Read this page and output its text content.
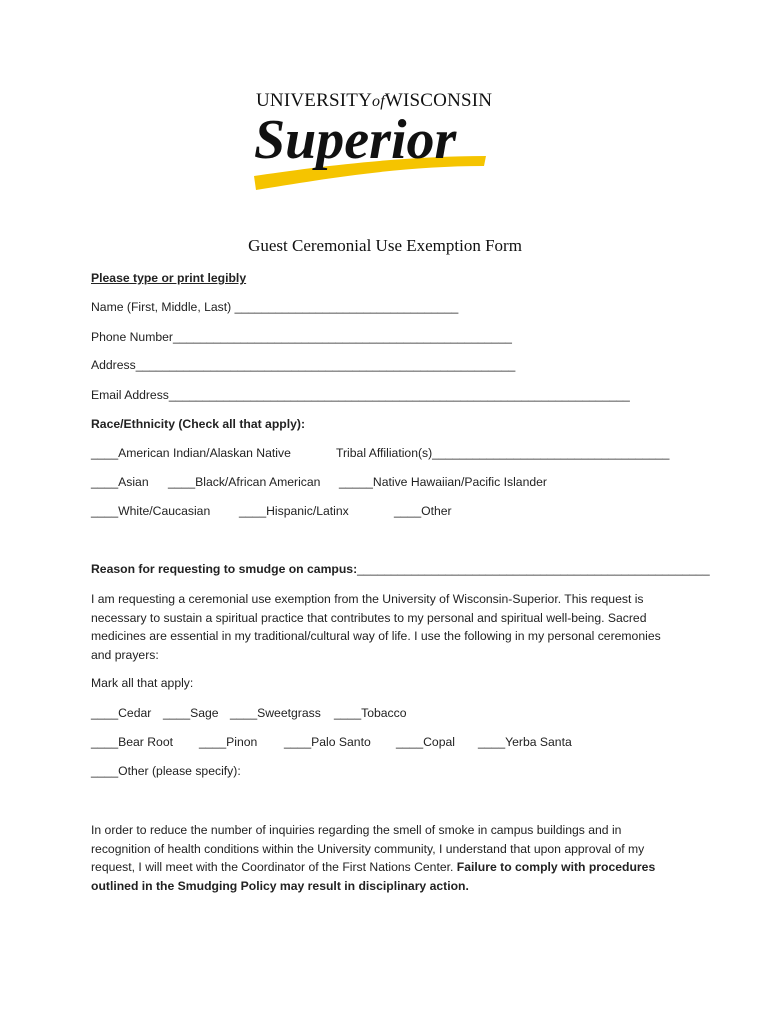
UNIVERSITYofWISCONSIN
Superior
Guest Ceremonial Use Exemption Form
Please type or print legibly
Name (First, Middle, Last) _________________________________
Phone Number__________________________________________________
Address________________________________________________________
Email Address____________________________________________________________________
Race/Ethnicity (Check all that apply):
____American Indian/Alaskan Native	Tribal Affiliation(s)___________________________________
____Asian ____Black/African American _____Native Hawaiian/Pacific Islander
____White/Caucasian ____Hispanic/Latinx	____Other
Reason for requesting to smudge on campus:____________________________________________________
I am requesting a ceremonial use exemption from the University of Wisconsin-Superior. This request is necessary to sustain a spiritual practice that contributes to my personal and spiritual well-being. Sacred medicines are essential in my traditional/cultural way of life. I use the following in my personal ceremonies and prayers:
Mark all that apply:
____Cedar ____Sage ____Sweetgrass ____Tobacco
____Bear Root ____Pinon ____Palo Santo ____Copal ____Yerba Santa
____Other (please specify):
In order to reduce the number of inquiries regarding the smell of smoke in campus buildings and in recognition of health conditions within the University community, I understand that upon approval of my request, I will meet with the Coordinator of the First Nations Center. Failure to comply with procedures outlined in the Smudging Policy may result in disciplinary action.
